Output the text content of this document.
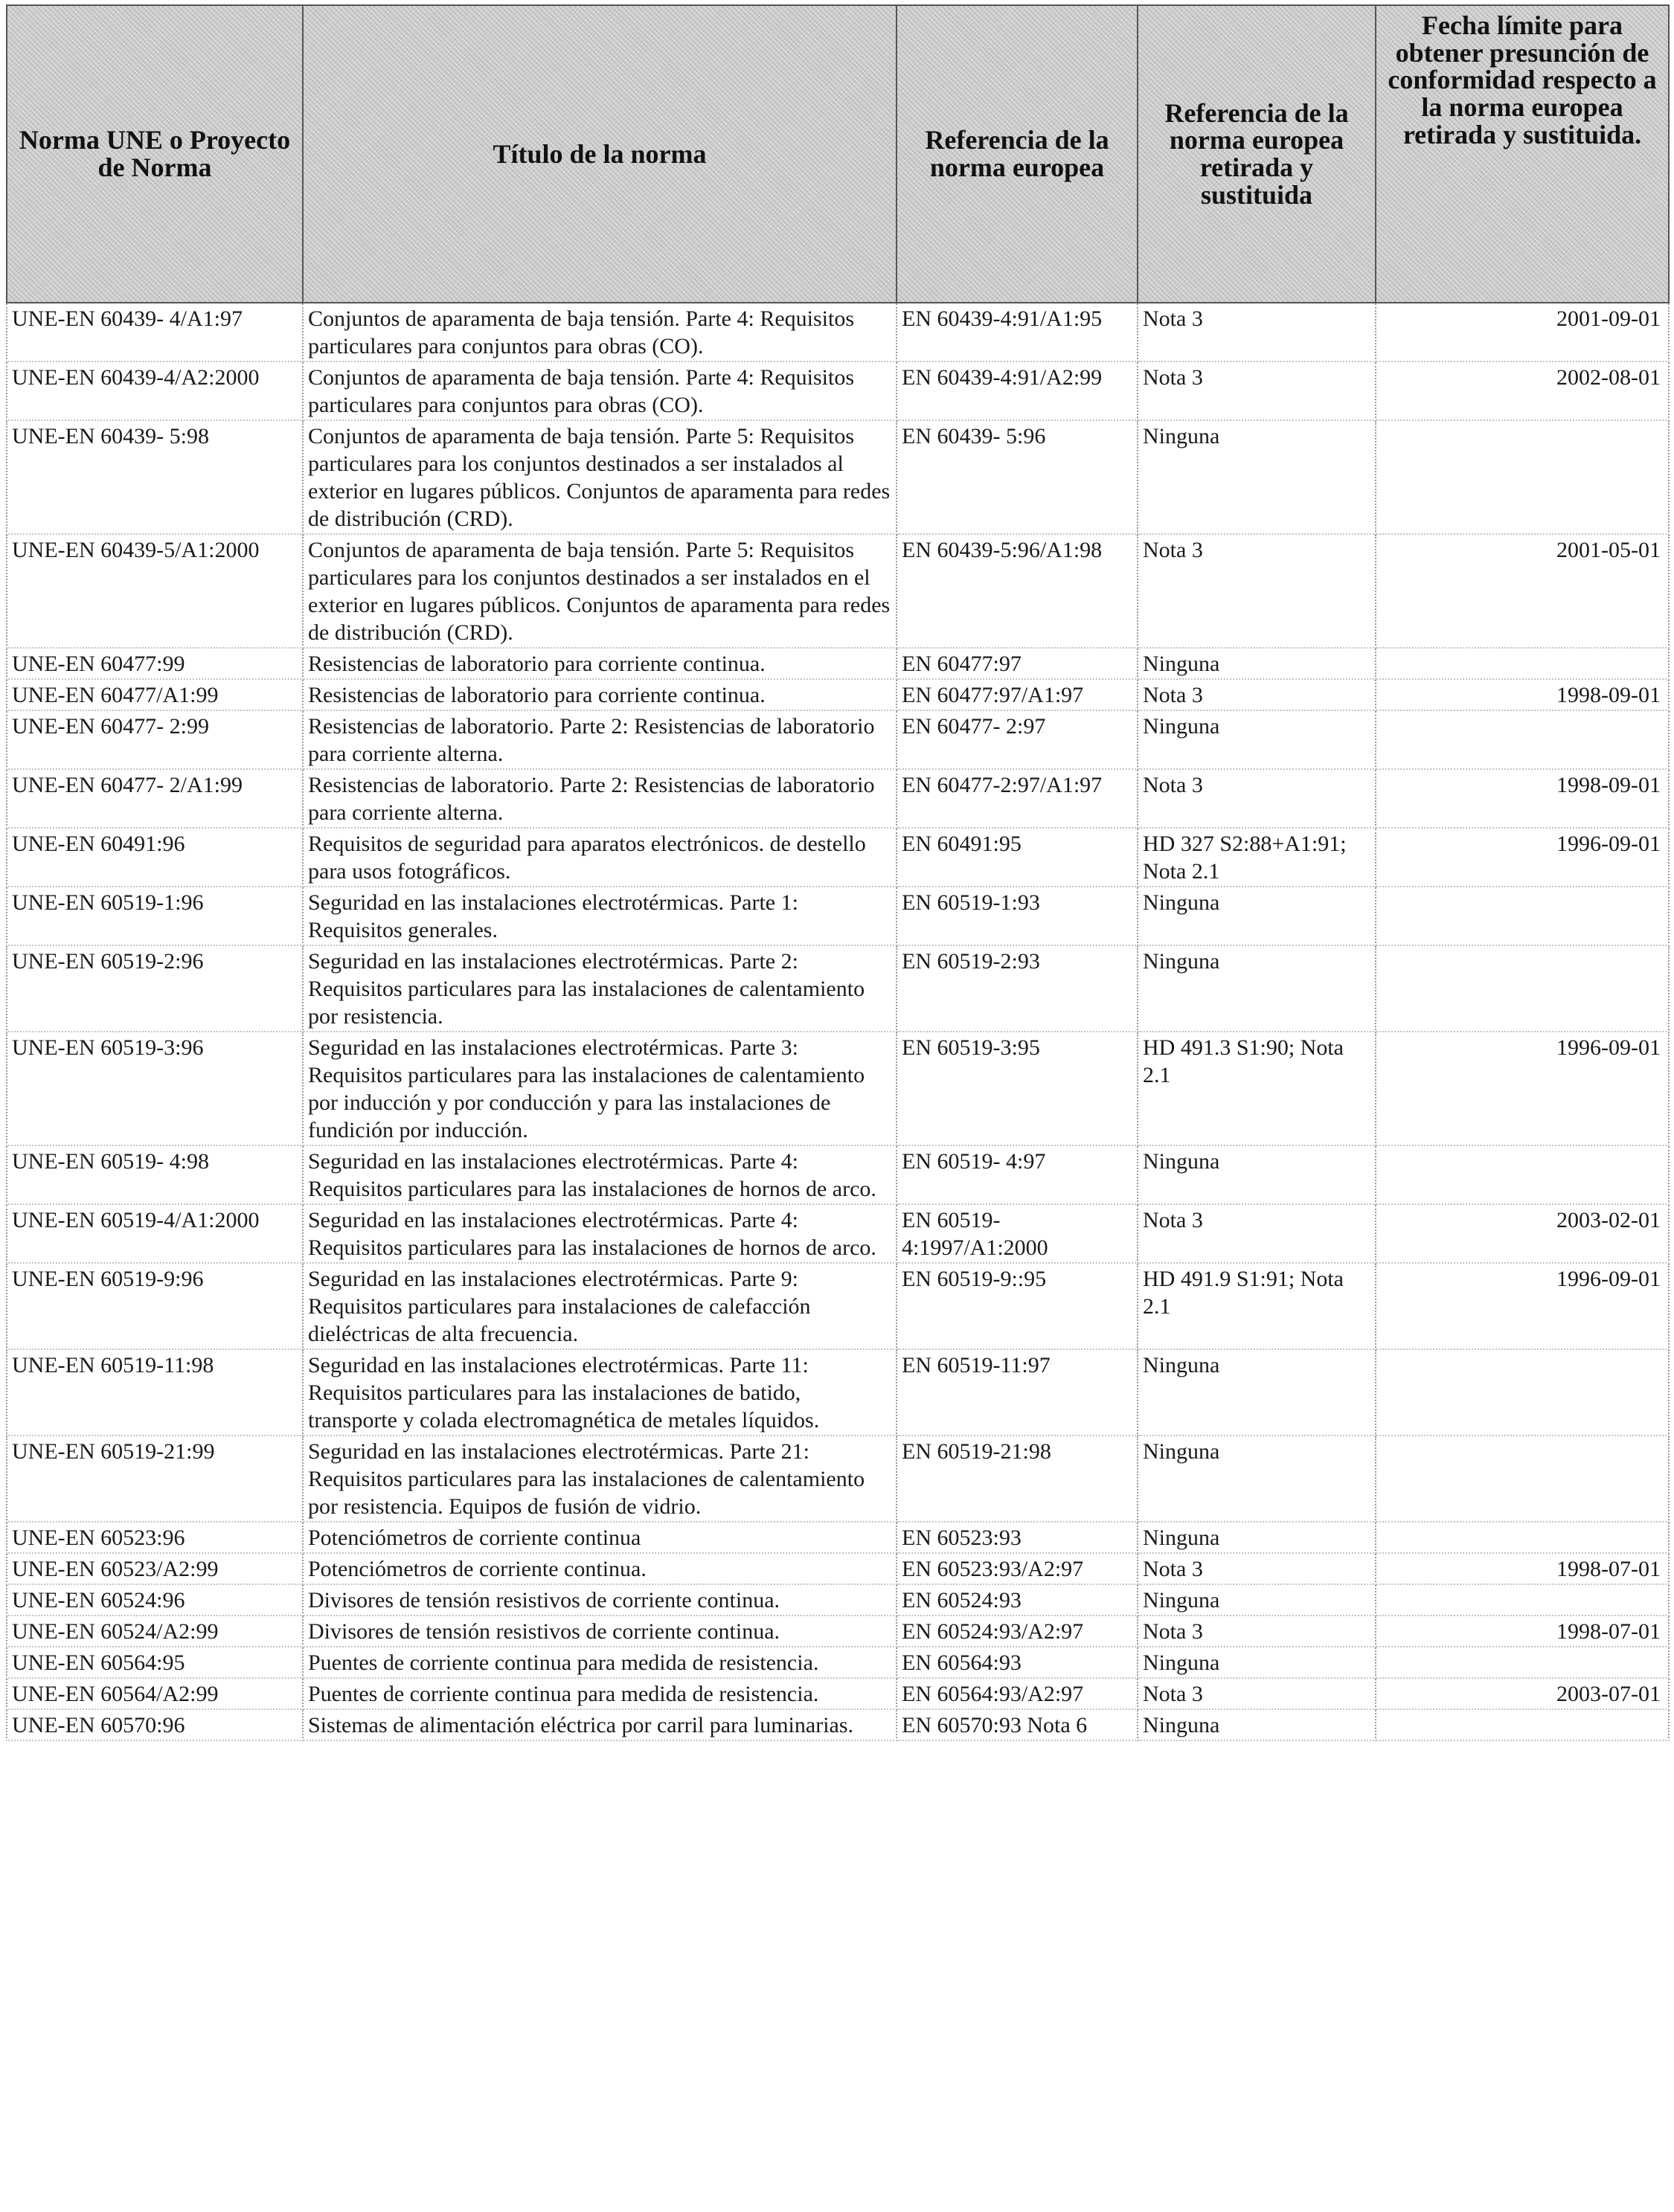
Norma UNE o Proyecto de Norma	Título de la norma	Referencia de la norma europea	Referencia de la norma europea retirada y sustituida	Fecha límite para obtener presunción de conformidad respecto a la norma europea retirada y sustituida.
UNE-EN 60439- 4/A1:97	Conjuntos de aparamenta de baja tensión. Parte 4: Requisitos particulares para conjuntos para obras (CO).	EN 60439-4:91/A1:95	Nota 3	2001-09-01
UNE-EN 60439-4/A2:2000	Conjuntos de aparamenta de baja tensión. Parte 4: Requisitos particulares para conjuntos para obras (CO).	EN 60439-4:91/A2:99	Nota 3	2002-08-01
UNE-EN 60439- 5:98	Conjuntos de aparamenta de baja tensión. Parte 5: Requisitos particulares para los conjuntos destinados a ser instalados al exterior en lugares públicos. Conjuntos de aparamenta para redes de distribución (CRD).	EN 60439- 5:96	Ninguna	
UNE-EN 60439-5/A1:2000	Conjuntos de aparamenta de baja tensión. Parte 5: Requisitos particulares para los conjuntos destinados a ser instalados en el exterior en lugares públicos. Conjuntos de aparamenta para redes de distribución (CRD).	EN 60439-5:96/A1:98	Nota 3	2001-05-01
UNE-EN 60477:99	Resistencias de laboratorio para corriente continua.	EN 60477:97	Ninguna	
UNE-EN 60477/A1:99	Resistencias de laboratorio para corriente continua.	EN 60477:97/A1:97	Nota 3	1998-09-01
UNE-EN 60477- 2:99	Resistencias de laboratorio. Parte 2: Resistencias de laboratorio para corriente alterna.	EN 60477- 2:97	Ninguna	
UNE-EN 60477- 2/A1:99	Resistencias de laboratorio. Parte 2: Resistencias de laboratorio para corriente alterna.	EN 60477-2:97/A1:97	Nota 3	1998-09-01
UNE-EN 60491:96	Requisitos de seguridad para aparatos electrónicos. de destello para usos fotográficos.	EN 60491:95	HD 327 S2:88+A1:91; Nota 2.1	1996-09-01
UNE-EN 60519-1:96	Seguridad en las instalaciones electrotérmicas. Parte 1: Requisitos generales.	EN 60519-1:93	Ninguna	
UNE-EN 60519-2:96	Seguridad en las instalaciones electrotérmicas. Parte 2: Requisitos particulares para las instalaciones de calentamiento por resistencia.	EN 60519-2:93	Ninguna	
UNE-EN 60519-3:96	Seguridad en las instalaciones electrotérmicas. Parte 3: Requisitos particulares para las instalaciones de calentamiento por inducción y por conducción y para las instalaciones de fundición por inducción.	EN 60519-3:95	HD 491.3 S1:90; Nota 2.1	1996-09-01
UNE-EN 60519- 4:98	Seguridad en las instalaciones electrotérmicas. Parte 4: Requisitos particulares para las instalaciones de hornos de arco.	EN 60519- 4:97	Ninguna	
UNE-EN 60519-4/A1:2000	Seguridad en las instalaciones electrotérmicas. Parte 4: Requisitos particulares para las instalaciones de hornos de arco.	EN 60519-4:1997/A1:2000	Nota 3	2003-02-01
UNE-EN 60519-9:96	Seguridad en las instalaciones electrotérmicas. Parte 9: Requisitos particulares para instalaciones de calefacción dieléctricas de alta frecuencia.	EN 60519-9::95	HD 491.9 S1:91; Nota 2.1	1996-09-01
UNE-EN 60519-11:98	Seguridad en las instalaciones electrotérmicas. Parte 11: Requisitos particulares para las instalaciones de batido, transporte y colada electromagnética de metales líquidos.	EN 60519-11:97	Ninguna	
UNE-EN 60519-21:99	Seguridad en las instalaciones electrotérmicas. Parte 21: Requisitos particulares para las instalaciones de calentamiento por resistencia. Equipos de fusión de vidrio.	EN 60519-21:98	Ninguna	
UNE-EN 60523:96	Potenciómetros de corriente continua	EN 60523:93	Ninguna	
UNE-EN 60523/A2:99	Potenciómetros de corriente continua.	EN 60523:93/A2:97	Nota 3	1998-07-01
UNE-EN 60524:96	Divisores de tensión resistivos de corriente continua.	EN 60524:93	Ninguna	
UNE-EN 60524/A2:99	Divisores de tensión resistivos de corriente continua.	EN 60524:93/A2:97	Nota 3	1998-07-01
UNE-EN 60564:95	Puentes de corriente continua para medida de resistencia.	EN 60564:93	Ninguna	
UNE-EN 60564/A2:99	Puentes de corriente continua para medida de resistencia.	EN 60564:93/A2:97	Nota 3	2003-07-01
UNE-EN 60570:96	Sistemas de alimentación eléctrica por carril para luminarias.	EN 60570:93 Nota 6	Ninguna	
